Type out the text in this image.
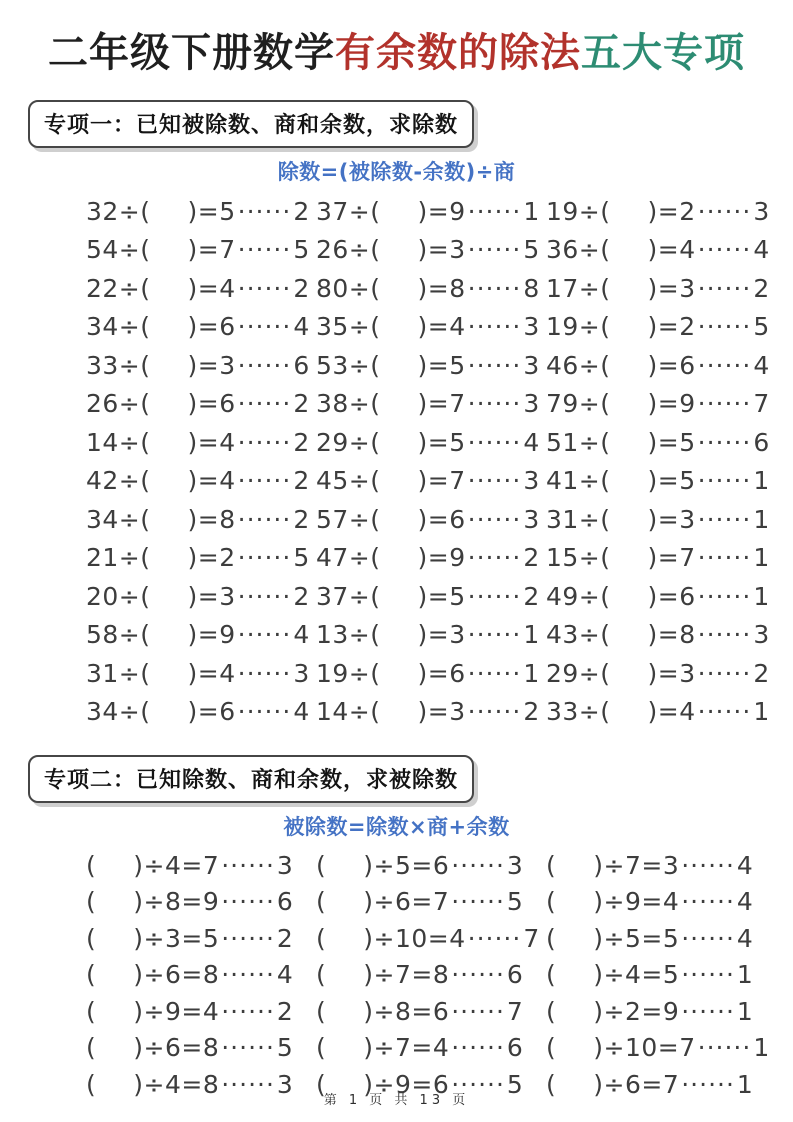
二年级下册数学有余数的除法五大专项
专项一：已知被除数、商和余数，求除数
除数=(被除数-余数)÷商
32÷( )=5······2 37÷( )=9······1 19÷( )=2······3
54÷( )=7······5 26÷( )=3······5 36÷( )=4······4
22÷( )=4······2 80÷( )=8······8 17÷( )=3······2
34÷( )=6······4 35÷( )=4······3 19÷( )=2······5
33÷( )=3······6 53÷( )=5······3 46÷( )=6······4
26÷( )=6······2 38÷( )=7······3 79÷( )=9······7
14÷( )=4······2 29÷( )=5······4 51÷( )=5······6
42÷( )=4······2 45÷( )=7······3 41÷( )=5······1
34÷( )=8······2 57÷( )=6······3 31÷( )=3······1
21÷( )=2······5 47÷( )=9······2 15÷( )=7······1
20÷( )=3······2 37÷( )=5······2 49÷( )=6······1
58÷( )=9······4 13÷( )=3······1 43÷( )=8······3
31÷( )=4······3 19÷( )=6······1 29÷( )=3······2
34÷( )=6······4 14÷( )=3······2 33÷( )=4······1
专项二：已知除数、商和余数，求被除数
被除数=除数×商+余数
( )÷4=7······3 ( )÷5=6······3 ( )÷7=3······4
( )÷8=9······6 ( )÷6=7······5 ( )÷9=4······4
( )÷3=5······2 ( )÷10=4······7 ( )÷5=5······4
( )÷6=8······4 ( )÷7=8······6 ( )÷4=5······1
( )÷9=4······2 ( )÷8=6······7 ( )÷2=9······1
( )÷6=8······5 ( )÷7=4······6 ( )÷10=7······1
( )÷4=8······3 ( )÷9=6······5 ( )÷6=7······1
第 1 页 共 13 页
